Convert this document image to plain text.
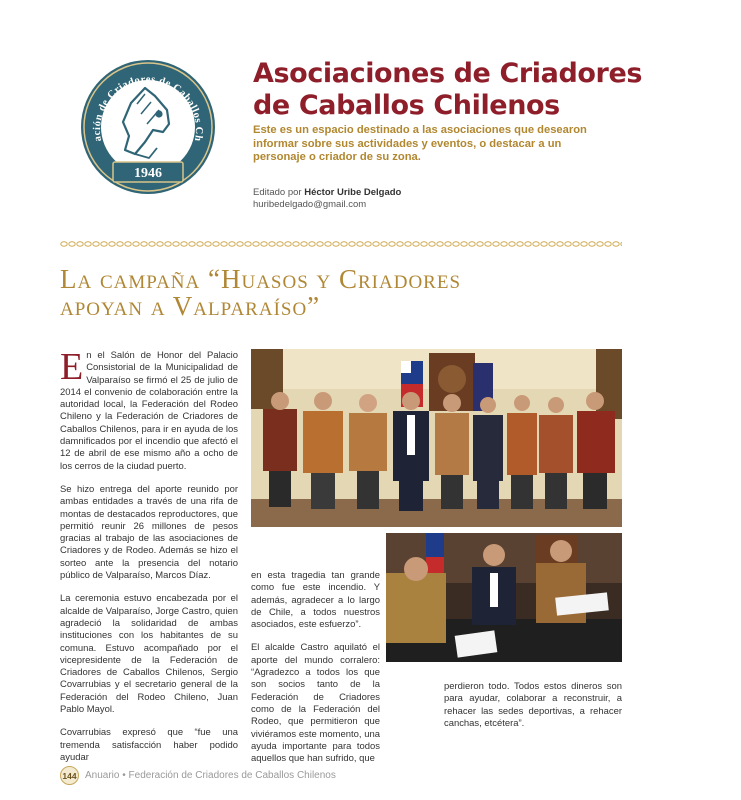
ación de Criadores de Caballos Ch
1946
Asociaciones de Criadores
de Caballos Chilenos
Este es un espacio destinado a las asociaciones que desearon informar sobre sus actividades y eventos, o destacar a un personaje o criador de su zona.
Editado por Héctor Uribe Delgado
huribedelgado@gmail.com
La campaña “Huasos y Criadores
apoyan a Valparaíso”

En el Salón de Honor del Palacio Consistorial de la Municipalidad de Valparaíso se firmó el 25 de julio de 2014 el convenio de colaboración entre la autoridad local, la Federación del Rodeo Chileno y la Federación de Criadores de Caballos Chilenos, para ir en ayuda de los damnificados por el incendio que afectó el 12 de abril de ese mismo año a ocho de los cerros de la ciudad puerto.

Se hizo entrega del aporte reunido por ambas entidades a través de una rifa de montas de destacados reproductores, que permitió reunir 26 millones de pesos gracias al trabajo de las asociaciones de Criadores y de Rodeo. Además se hizo el sorteo ante la presencia del notario público de Valparaíso, Marcos Díaz.

La ceremonia estuvo encabezada por el alcalde de Valparaíso, Jorge Castro, quien agradeció la solidaridad de ambas instituciones con los habitantes de su comuna. Estuvo acompañado por el vicepresidente de la Federación de Criadores de Caballos Chilenos, Sergio Covarrubias y el secretario general de la Federación del Rodeo Chileno, Juan Pablo Mayol.

Covarrubias expresó que “fue una tremenda satisfacción haber podido ayudar

en esta tragedia tan grande como fue este incendio. Y además, agradecer a lo largo de Chile, a todos nuestros asociados, este esfuerzo”.

El alcalde Castro aquilató el aporte del mundo corralero: “Agradezco a todos los que son socios tanto de la Federación de Criadores como de la Federación del Rodeo, que permitieron que viviéramos este momento, una ayuda importante para todos aquellos que han sufrido, que

perdieron todo. Todos estos dineros son para ayudar, colaborar a reconstruir, a rehacer las sedes deportivas, a rehacer canchas, etcétera”.

144 Anuario • Federación de Criadores de Caballos Chilenos
